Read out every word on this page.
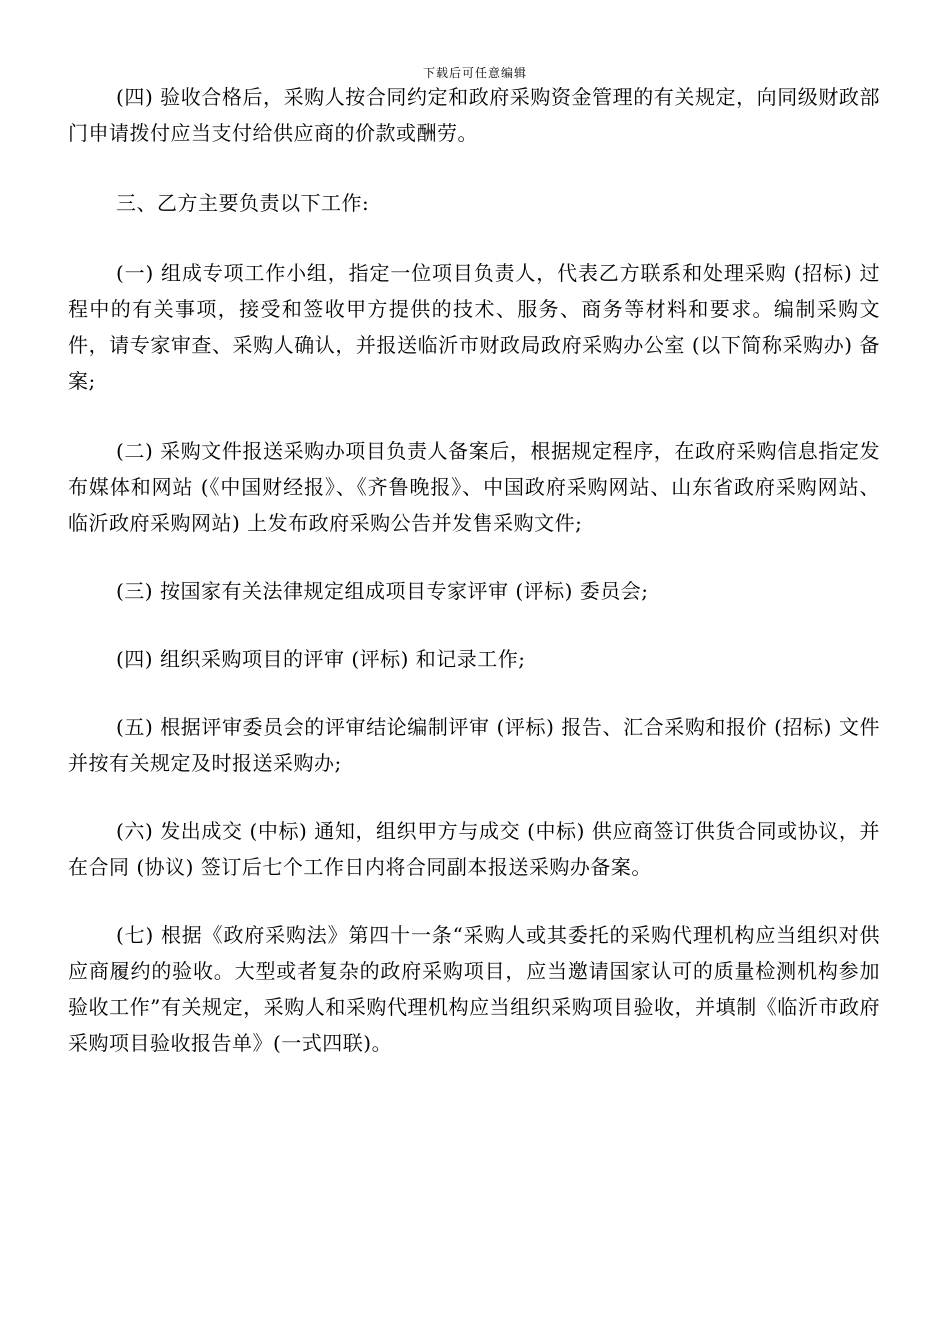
下载后可任意编辑

(四) 验收合格后，采购人按合同约定和政府采购资金管理的有关规定，向同级财政部门申请拨付应当支付给供应商的价款或酬劳。

三、乙方主要负责以下工作:

(一) 组成专项工作小组，指定一位项目负责人，代表乙方联系和处理采购 (招标) 过程中的有关事项，接受和签收甲方提供的技术、服务、商务等材料和要求。编制采购文件，请专家审查、采购人确认，并报送临沂市财政局政府采购办公室 (以下简称采购办) 备案;

(二) 采购文件报送采购办项目负责人备案后，根据规定程序，在政府采购信息指定发布媒体和网站 (《中国财经报》、《齐鲁晚报》、中国政府采购网站、山东省政府采购网站、临沂政府采购网站) 上发布政府采购公告并发售采购文件;

(三) 按国家有关法律规定组成项目专家评审 (评标) 委员会;

(四) 组织采购项目的评审 (评标) 和记录工作;

(五) 根据评审委员会的评审结论编制评审 (评标) 报告、汇合采购和报价 (招标) 文件并按有关规定及时报送采购办;

(六) 发出成交 (中标) 通知，组织甲方与成交 (中标) 供应商签订供货合同或协议，并在合同 (协议) 签订后七个工作日内将合同副本报送采购办备案。

(七) 根据《政府采购法》第四十一条“采购人或其委托的采购代理机构应当组织对供应商履约的验收。大型或者复杂的政府采购项目，应当邀请国家认可的质量检测机构参加验收工作”有关规定，采购人和采购代理机构应当组织采购项目验收，并填制《临沂市政府采购项目验收报告单》(一式四联)。
